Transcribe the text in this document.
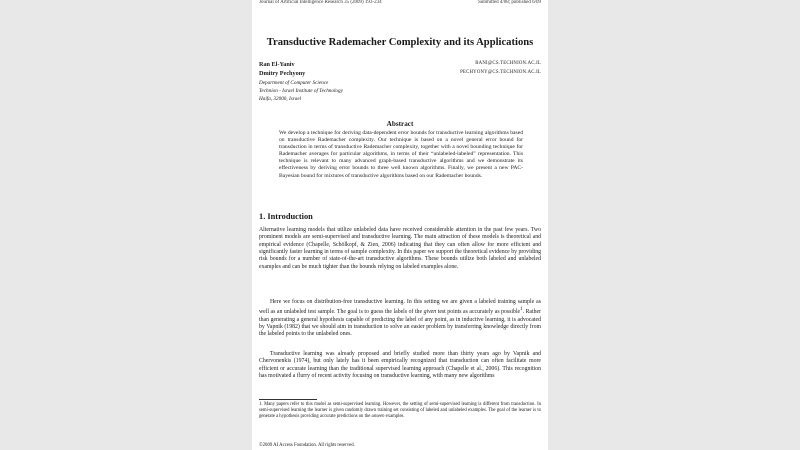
Journal of Artificial Intelligence Research 35 (2009) 193-234	Submitted 4/08; published 6/09
Transductive Rademacher Complexity and its Applications
Ran El-Yaniv	RANI@CS.TECHNION.AC.IL
Dmitry Pechyony	PECHYONY@CS.TECHNION.AC.IL
Department of Computer Science
Technion - Israel Institute of Technology
Haifa, 32000, Israel
Abstract
We develop a technique for deriving data-dependent error bounds for transductive learning algorithms based on transductive Rademacher complexity. Our technique is based on a novel general error bound for transduction in terms of transductive Rademacher complexity, together with a novel bounding technique for Rademacher averages for particular algorithms, in terms of their “unlabeled-labeled” representation. This technique is relevant to many advanced graph-based transductive algorithms and we demonstrate its effectiveness by deriving error bounds to three well known algorithms. Finally, we present a new PAC-Bayesian bound for mixtures of transductive algorithms based on our Rademacher bounds.
1. Introduction
Alternative learning models that utilize unlabeled data have received considerable attention in the past few years. Two prominent models are semi-supervised and transductive learning. The main attraction of these models is theoretical and empirical evidence (Chapelle, Schölkopf, & Zien, 2006) indicating that they can often allow for more efficient and significantly faster learning in terms of sample complexity. In this paper we support the theoretical evidence by providing risk bounds for a number of state-of-the-art transductive algorithms. These bounds utilize both labeled and unlabeled examples and can be much tighter than the bounds relying on labeled examples alone.
Here we focus on distribution-free transductive learning. In this setting we are given a labeled training sample as well as an unlabeled test sample. The goal is to guess the labels of the given test points as accurately as possible$^1$. Rather than generating a general hypothesis capable of predicting the label of any point, as in inductive learning, it is advocated by Vapnik (1982) that we should aim in transduction to solve an easier problem by transferring knowledge directly from the labeled points to the unlabeled ones.
Transductive learning was already proposed and briefly studied more than thirty years ago by Vapnik and Chervonenkis (1974), but only lately has it been empirically recognized that transduction can often facilitate more efficient or accurate learning than the traditional supervised learning approach (Chapelle et al., 2006). This recognition has motivated a flurry of recent activity focusing on transductive learning, with many new algorithms
1. Many papers refer to this model as semi-supervised learning. However, the setting of semi-supervised learning is different from transduction. In semi-supervised learning the learner is given randomly drawn training set consisting of labeled and unlabeled examples. The goal of the learner is to generate a hypothesis providing accurate predictions on the unseen examples.
©2009 AI Access Foundation. All rights reserved.
